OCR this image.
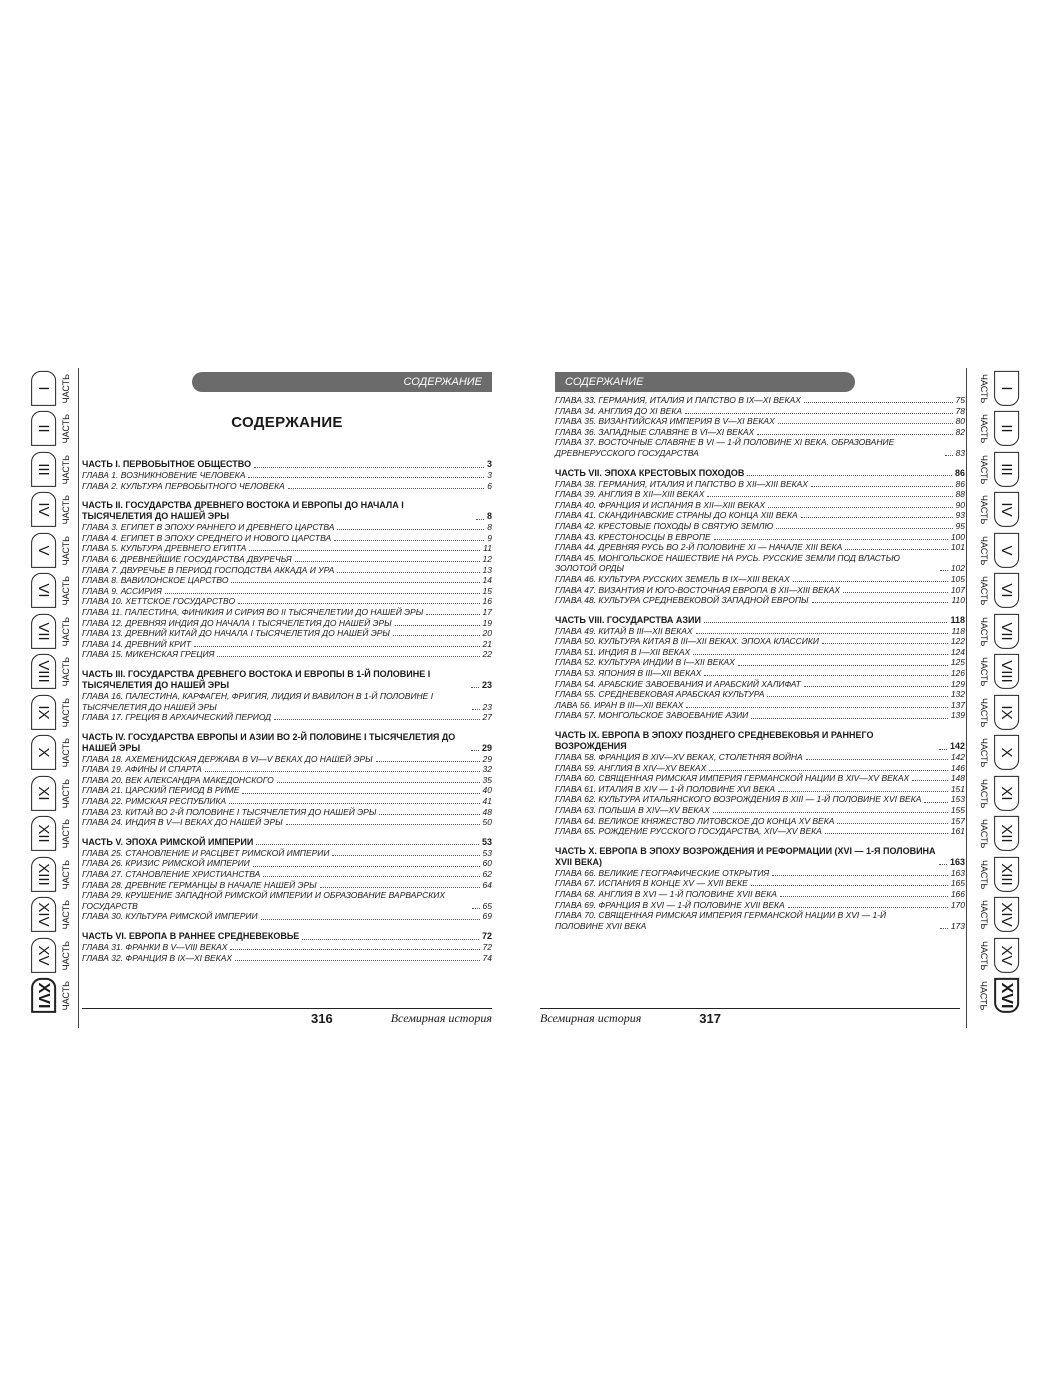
I	ЧАСТЬ
II	ЧАСТЬ
III	ЧАСТЬ
IV	ЧАСТЬ
V	ЧАСТЬ
VI	ЧАСТЬ
VII	ЧАСТЬ
VIII	ЧАСТЬ
IX	ЧАСТЬ
X	ЧАСТЬ
XI	ЧАСТЬ
XII	ЧАСТЬ
XIII	ЧАСТЬ
XIV	ЧАСТЬ
XV	ЧАСТЬ
XVI ЧАСТЬ
I
ЧАСТЬ
II
ЧАСТЬ
III
ЧАСТЬ
IV
ЧАСТЬ
V
ЧАСТЬ
VI
ЧАСТЬ
VII
ЧАСТЬ
VIII
ЧАСТЬ
IX
ЧАСТЬ
X
ЧАСТЬ
XI
ЧАСТЬ
XII
ЧАСТЬ
XIII
ЧАСТЬ
XIV
ЧАСТЬ
XV
ЧАСТЬ
XVI
ЧАСТЬ
СОДЕРЖАНИЕ
СОДЕРЖАНИЕ
ЧАСТЬ I. ПЕРВОБЫТНОЕ ОБЩЕСТВО	3
ГЛАВА 1. ВОЗНИКНОВЕНИЕ ЧЕЛОВЕКА	3
ГЛАВА 2. КУЛЬТУРА ПЕРВОБЫТНОГО ЧЕЛОВЕКА	6
ЧАСТЬ II. ГОСУДАРСТВА ДРЕВНЕГО ВОСТОКА И ЕВРОПЫ ДО НАЧАЛА I ТЫСЯЧЕЛЕТИЯ ДО НАШЕЙ ЭРЫ	8
ГЛАВА 3. ЕГИПЕТ В ЭПОХУ РАННЕГО И ДРЕВНЕГО ЦАРСТВА	8
ГЛАВА 4. ЕГИПЕТ В ЭПОХУ СРЕДНЕГО И НОВОГО ЦАРСТВА	9
ГЛАВА 5. КУЛЬТУРА ДРЕВНЕГО ЕГИПТА	11
ГЛАВА 6. ДРЕВНЕЙШИЕ ГОСУДАРСТВА ДВУРЕЧЬЯ	12
ГЛАВА 7. ДВУРЕЧЬЕ В ПЕРИОД ГОСПОДСТВА АККАДА И УРА	13
ГЛАВА 8. ВАВИЛОНСКОЕ ЦАРСТВО	14
ГЛАВА 9. АССИРИЯ	15
ГЛАВА 10. ХЕТТСКОЕ ГОСУДАРСТВО	16
ГЛАВА 11. ПАЛЕСТИНА, ФИНИКИЯ И СИРИЯ ВО II ТЫСЯЧЕЛЕТИИ ДО НАШЕЙ ЭРЫ	17
ГЛАВА 12. ДРЕВНЯЯ ИНДИЯ ДО НАЧАЛА I ТЫСЯЧЕЛЕТИЯ ДО НАШЕЙ ЭРЫ	19
ГЛАВА 13. ДРЕВНИЙ КИТАЙ ДО НАЧАЛА I ТЫСЯЧЕЛЕТИЯ ДО НАШЕЙ ЭРЫ	20
ГЛАВА 14. ДРЕВНИЙ КРИТ	21
ГЛАВА 15. МИКЕНСКАЯ ГРЕЦИЯ	22
ЧАСТЬ III. ГОСУДАРСТВА ДРЕВНЕГО ВОСТОКА И ЕВРОПЫ В 1-Й ПОЛОВИНЕ I ТЫСЯЧЕЛЕТИЯ ДО НАШЕЙ ЭРЫ	23
ГЛАВА 16. ПАЛЕСТИНА, КАРФАГЕН, ФРИГИЯ, ЛИДИЯ И ВАВИЛОН В 1-Й ПОЛОВИНЕ I ТЫСЯЧЕЛЕТИЯ ДО НАШЕЙ ЭРЫ	23
ГЛАВА 17. ГРЕЦИЯ В АРХАИЧЕСКИЙ ПЕРИОД	27
ЧАСТЬ IV. ГОСУДАРСТВА ЕВРОПЫ И АЗИИ ВО 2-Й ПОЛОВИНЕ I ТЫСЯЧЕЛЕТИЯ ДО НАШЕЙ ЭРЫ	29
ГЛАВА 18. АХЕМЕНИДСКАЯ ДЕРЖАВА В VI—V ВЕКАХ ДО НАШЕЙ ЭРЫ	29
ГЛАВА 19. АФИНЫ И СПАРТА	32
ГЛАВА 20. ВЕК АЛЕКСАНДРА МАКЕДОНСКОГО	35
ГЛАВА 21. ЦАРСКИЙ ПЕРИОД В РИМЕ	40
ГЛАВА 22. РИМСКАЯ РЕСПУБЛИКА	41
ГЛАВА 23. КИТАЙ ВО 2-Й ПОЛОВИНЕ I ТЫСЯЧЕЛЕТИЯ ДО НАШЕЙ ЭРЫ	48
ГЛАВА 24. ИНДИЯ В V—I ВЕКАХ ДО НАШЕЙ ЭРЫ	50
ЧАСТЬ V. ЭПОХА РИМСКОЙ ИМПЕРИИ	53
ГЛАВА 25. СТАНОВЛЕНИЕ И РАСЦВЕТ РИМСКОЙ ИМПЕРИИ	53
ГЛАВА 26. КРИЗИС РИМСКОЙ ИМПЕРИИ	60
ГЛАВА 27. СТАНОВЛЕНИЕ ХРИСТИАНСТВА	62
ГЛАВА 28. ДРЕВНИЕ ГЕРМАНЦЫ В НАЧАЛЕ НАШЕЙ ЭРЫ	64
ГЛАВА 29. КРУШЕНИЕ ЗАПАДНОЙ РИМСКОЙ ИМПЕРИИ И ОБРАЗОВАНИЕ ВАРВАРСКИХ ГОСУДАРСТВ	65
ГЛАВА 30. КУЛЬТУРА РИМСКОЙ ИМПЕРИИ	69
ЧАСТЬ VI. ЕВРОПА В РАННЕЕ СРЕДНЕВЕКОВЬЕ	72
ГЛАВА 31. ФРАНКИ В V—VIII ВЕКАХ	72
ГЛАВА 32. ФРАНЦИЯ В IX—XI ВЕКАХ	74
СОДЕРЖАНИЕ
ГЛАВА 33. ГЕРМАНИЯ, ИТАЛИЯ И ПАПСТВО В IX—XI ВЕКАХ	75
ГЛАВА 34. АНГЛИЯ ДО XI ВЕКА	78
ГЛАВА 35. ВИЗАНТИЙСКАЯ ИМПЕРИЯ В V—XI ВЕКАХ	80
ГЛАВА 36. ЗАПАДНЫЕ СЛАВЯНЕ В VI—XI ВЕКАХ	82
ГЛАВА 37. ВОСТОЧНЫЕ СЛАВЯНЕ В VI — 1-Й ПОЛОВИНЕ XI ВЕКА. ОБРАЗОВАНИЕ ДРЕВНЕРУССКОГО ГОСУДАРСТВА	83
ЧАСТЬ VII. ЭПОХА КРЕСТОВЫХ ПОХОДОВ	86
ГЛАВА 38. ГЕРМАНИЯ, ИТАЛИЯ И ПАПСТВО В XII—XIII ВЕКАХ	86
ГЛАВА 39. АНГЛИЯ В XII—XIII ВЕКАХ	88
ГЛАВА 40. ФРАНЦИЯ И ИСПАНИЯ В XII—XIII ВЕКАХ	90
ГЛАВА 41. СКАНДИНАВСКИЕ СТРАНЫ ДО КОНЦА XIII ВЕКА	93
ГЛАВА 42. КРЕСТОВЫЕ ПОХОДЫ В СВЯТУЮ ЗЕМЛЮ	95
ГЛАВА 43. КРЕСТОНОСЦЫ В ЕВРОПЕ	100
ГЛАВА 44. ДРЕВНЯЯ РУСЬ ВО 2-Й ПОЛОВИНЕ XI — НАЧАЛЕ XIII ВЕКА	101
ГЛАВА 45. МОНГОЛЬСКОЕ НАШЕСТВИЕ НА РУСЬ. РУССКИЕ ЗЕМЛИ ПОД ВЛАСТЬЮ ЗОЛОТОЙ ОРДЫ	102
ГЛАВА 46. КУЛЬТУРА РУССКИХ ЗЕМЕЛЬ В IX—XIII ВЕКАХ	105
ГЛАВА 47. ВИЗАНТИЯ И ЮГО-ВОСТОЧНАЯ ЕВРОПА В XII—XIII ВЕКАХ	107
ГЛАВА 48. КУЛЬТУРА СРЕДНЕВЕКОВОЙ ЗАПАДНОЙ ЕВРОПЫ	110
ЧАСТЬ VIII. ГОСУДАРСТВА АЗИИ	118
ГЛАВА 49. КИТАЙ В III—XII ВЕКАХ	118
ГЛАВА 50. КУЛЬТУРА КИТАЯ В III—XII ВЕКАХ. ЭПОХА КЛАССИКИ	122
ГЛАВА 51. ИНДИЯ В I—XII ВЕКАХ	124
ГЛАВА 52. КУЛЬТУРА ИНДИИ В I—XII ВЕКАХ	125
ГЛАВА 53. ЯПОНИЯ В III—XII ВЕКАХ	126
ГЛАВА 54. АРАБСКИЕ ЗАВОЕВАНИЯ И АРАБСКИЙ ХАЛИФАТ	129
ГЛАВА 55. СРЕДНЕВЕКОВАЯ АРАБСКАЯ КУЛЬТУРА	132
ЛАВА 56. ИРАН В III—XII ВЕКАХ	137
ГЛАВА 57. МОНГОЛЬСКОЕ ЗАВОЕВАНИЕ АЗИИ	139
ЧАСТЬ IX. ЕВРОПА В ЭПОХУ ПОЗДНЕГО СРЕДНЕВЕКОВЬЯ И РАННЕГО ВОЗРОЖДЕНИЯ	142
ГЛАВА 58. ФРАНЦИЯ В XIV—XV ВЕКАХ, СТОЛЕТНЯЯ ВОЙНА	142
ГЛАВА 59. АНГЛИЯ В XIV—XV ВЕКАХ	146
ГЛАВА 60. СВЯЩЕННАЯ РИМСКАЯ ИМПЕРИЯ ГЕРМАНСКОЙ НАЦИИ В XIV—XV ВЕКАХ	148
ГЛАВА 61. ИТАЛИЯ В XIV — 1-Й ПОЛОВИНЕ XVI ВЕКА	151
ГЛАВА 62. КУЛЬТУРА ИТАЛЬЯНСКОГО ВОЗРОЖДЕНИЯ В XIII — 1-Й ПОЛОВИНЕ XVI ВЕКА	153
ГЛАВА 63. ПОЛЬША В XIV—XV ВЕКАХ	155
ГЛАВА 64. ВЕЛИКОЕ КНЯЖЕСТВО ЛИТОВСКОЕ ДО КОНЦА XV ВЕКА	157
ГЛАВА 65. РОЖДЕНИЕ РУССКОГО ГОСУДАРСТВА, XIV—XV ВЕКА	161
ЧАСТЬ X. ЕВРОПА В ЭПОХУ ВОЗРОЖДЕНИЯ И РЕФОРМАЦИИ (XVI — 1-Я ПОЛОВИНА XVII ВЕКА)	163
ГЛАВА 66. ВЕЛИКИЕ ГЕОГРАФИЧЕСКИЕ ОТКРЫТИЯ	163
ГЛАВА 67. ИСПАНИЯ В КОНЦЕ XV — XVII ВЕКЕ	165
ГЛАВА 68. АНГЛИЯ В XVI — 1-Й ПОЛОВИНЕ XVII ВЕКА	166
ГЛАВА 69. ФРАНЦИЯ В XVI — 1-Й ПОЛОВИНЕ XVII ВЕКА	170
ГЛАВА 70. СВЯЩЕННАЯ РИМСКАЯ ИМПЕРИЯ ГЕРМАНСКОЙ НАЦИИ В XVI — 1-Й ПОЛОВИНЕ XVII ВЕКА	173
316	Всемирная история	Всемирная история	317
